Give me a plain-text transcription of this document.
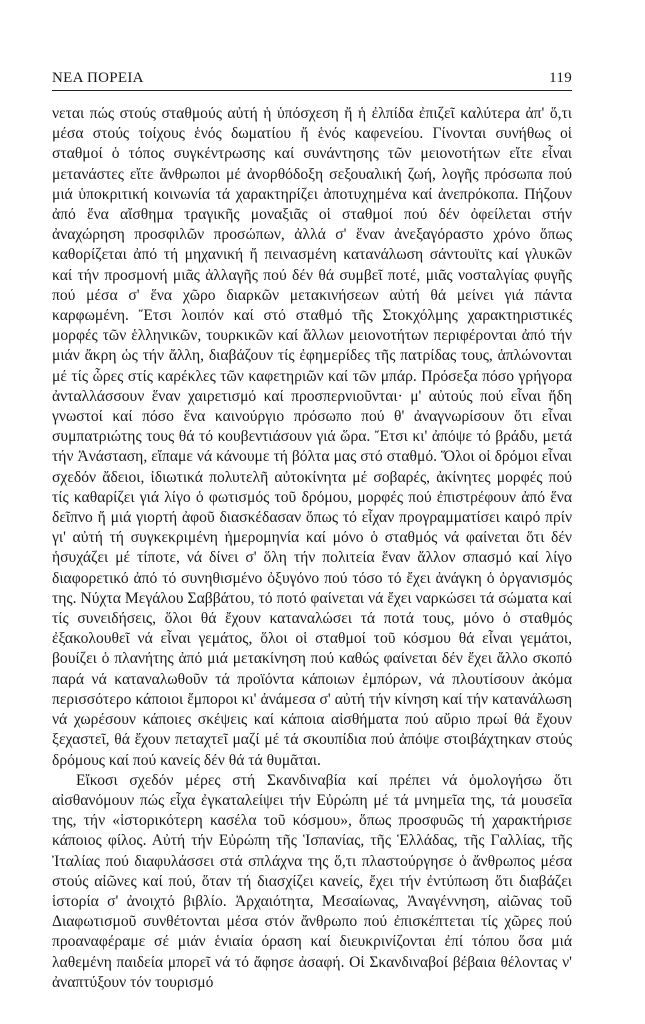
ΝΕΑ ΠΟΡΕΙΑ	119

νεται πώς στούς σταθμούς αὐτή ἡ ὑπόσχεση ἤ ἡ ἐλπίδα ἐπιζεῖ καλύτερα ἀπ' ὅ,τι μέσα στούς τοίχους ἑνός δωματίου ἤ ἑνός καφενείου. Γίνονται συνήθως οἱ σταθμοί ὁ τόπος συγκέντρωσης καί συνάντησης τῶν μειονοτήτων εἴτε εἶναι μετανάστες εἴτε ἄνθρωποι μέ ἀνορθόδοξη σεξουαλική ζωή, λογῆς πρόσωπα πού μιά ὑποκριτική κοινωνία τά χαρακτηρίζει ἀποτυχημένα καί ἀνεπρόκοπα. Πήζουν ἀπό ἕνα αἴσθημα τραγικῆς μοναξιᾶς οἱ σταθμοί πού δέν ὀφείλεται στήν ἀναχώρηση προσφιλῶν προσώπων, ἀλλά σ' ἕναν ἀνεξαγόραστο χρόνο ὅπως καθορίζεται ἀπό τή μηχανική ἤ πεινασμένη κατανάλωση σάντουϊτς καί γλυκῶν καί τήν προσμονή μιᾶς ἀλλαγῆς πού δέν θά συμβεῖ ποτέ, μιᾶς νοσταλγίας φυγῆς πού μέσα σ' ἕνα χῶρο διαρκῶν μετακινήσεων αὐτή θά μείνει γιά πάντα καρφωμένη. Ἔτσι λοιπόν καί στό σταθμό τῆς Στοκχόλμης χαρακτηριστικές μορφές τῶν ἑλληνικῶν, τουρκικῶν καί ἄλλων μειονοτήτων περιφέρονται ἀπό τήν μιάν ἄκρη ὡς τήν ἄλλη, διαβάζουν τίς ἐφημερίδες τῆς πατρίδας τους, ἁπλώνονται μέ τίς ὧρες στίς καρέκλες τῶν καφετηριῶν καί τῶν μπάρ. Πρόσεξα πόσο γρήγορα ἀνταλλάσσουν ἕναν χαιρετισμό καί προσπερνιοῦνται· μ' αὐτούς πού εἶναι ἤδη γνωστοί καί πόσο ἕνα καινούργιο πρόσωπο πού θ' ἀναγνωρίσουν ὅτι εἶναι συμπατριώτης τους θά τό κουβεντιάσουν γιά ὥρα. Ἔτσι κι' ἀπόψε τό βράδυ, μετά τήν Ἀνάσταση, εἴπαμε νά κάνουμε τή βόλτα μας στό σταθμό. Ὅλοι οἱ δρόμοι εἶναι σχεδόν ἄδειοι, ἰδιωτικά πολυτελῆ αὐτοκίνητα μέ σοβαρές, ἀκίνητες μορφές πού τίς καθαρίζει γιά λίγο ὁ φωτισμός τοῦ δρόμου, μορφές πού ἐπιστρέφουν ἀπό ἕνα δεῖπνο ἤ μιά γιορτή ἀφοῦ διασκέδασαν ὅπως τό εἶχαν προγραμματίσει καιρό πρίν γι' αὐτή τή συγκεκριμένη ἡμερομηνία καί μόνο ὁ σταθμός νά φαίνεται ὅτι δέν ἡσυχάζει μέ τίποτε, νά δίνει σ' ὅλη τήν πολιτεία ἕναν ἄλλον σπασμό καί λίγο διαφορετικό ἀπό τό συνηθισμένο ὀξυγόνο πού τόσο τό ἔχει ἀνάγκη ὁ ὀργανισμός της. Νύχτα Μεγάλου Σαββάτου, τό ποτό φαίνεται νά ἔχει ναρκώσει τά σώματα καί τίς συνειδήσεις, ὅλοι θά ἔχουν καταναλώσει τά ποτά τους, μόνο ὁ σταθμός ἐξακολουθεῖ νά εἶναι γεμάτος, ὅλοι οἱ σταθμοί τοῦ κόσμου θά εἶναι γεμάτοι, βουίζει ὁ πλανήτης ἀπό μιά μετακίνηση πού καθώς φαίνεται δέν ἔχει ἄλλο σκοπό παρά νά καταναλωθοῦν τά προϊόντα κάποιων ἐμπόρων, νά πλουτίσουν ἀκόμα περισσότερο κάποιοι ἔμποροι κι' ἀνάμεσα σ' αὐτή τήν κίνηση καί τήν κατανάλωση νά χωρέσουν κάποιες σκέψεις καί κάποια αἰσθήματα πού αὔριο πρωί θά ἔχουν ξεχαστεῖ, θά ἔχουν πεταχτεῖ μαζί μέ τά σκουπίδια πού ἀπόψε στοιβάχτηκαν στούς δρόμους καί πού κανείς δέν θά τά θυμᾶται.

Εἴκοσι σχεδόν μέρες στή Σκανδιναβία καί πρέπει νά ὁμολογήσω ὅτι αἰσθανόμουν πώς εἶχα ἐγκαταλείψει τήν Εὐρώπη μέ τά μνημεῖα της, τά μουσεῖα της, τήν «ἱστορικότερη κασέλα τοῦ κόσμου», ὅπως προσφυῶς τή χαρακτήρισε κάποιος φίλος. Αὐτή τήν Εὐρώπη τῆς Ἱσπανίας, τῆς Ἑλλάδας, τῆς Γαλλίας, τῆς Ἰταλίας πού διαφυλάσσει στά σπλάχνα της ὅ,τι πλαστούργησε ὁ ἄνθρωπος μέσα στούς αἰῶνες καί πού, ὅταν τή διασχίζει κανείς, ἔχει τήν ἐντύπωση ὅτι διαβάζει ἱστορία σ' ἀνοιχτό βιβλίο. Ἀρχαιότητα, Μεσαίωνας, Ἀναγέννηση, αἰῶνας τοῦ Διαφωτισμοῦ συνθέτονται μέσα στόν ἄνθρωπο πού ἐπισκέπτεται τίς χῶρες πού προαναφέραμε σέ μιάν ἑνιαία όραση καί διευκρινίζονται ἐπί τόπου ὅσα μιά λαθεμένη παιδεία μπορεῖ νά τό ἄφησε ἀσαφή. Οἱ Σκανδιναβοί βέβαια θέλοντας ν' ἀναπτύξουν τόν τουρισμό
